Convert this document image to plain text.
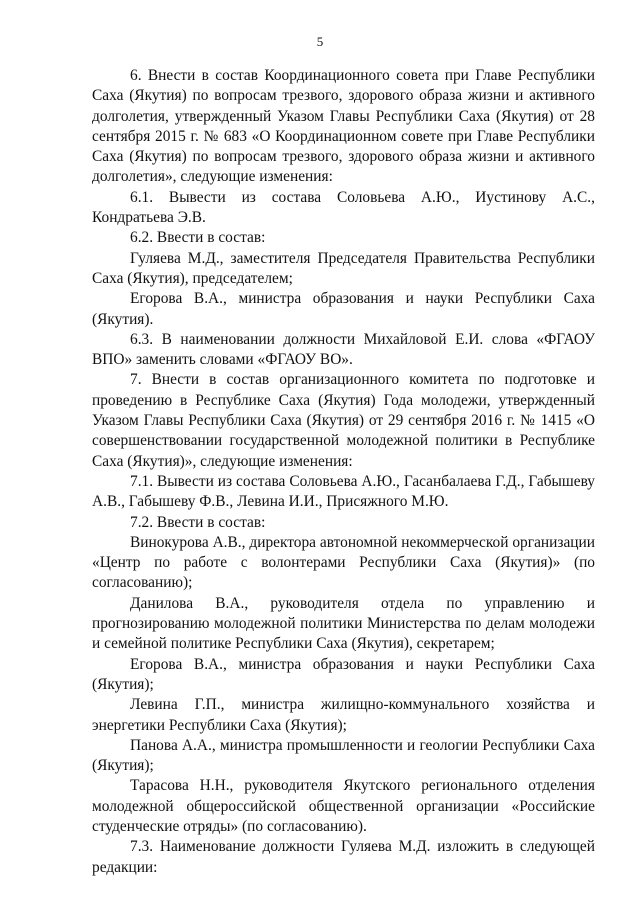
5

6. Внести в состав Координационного совета при Главе Республики Саха (Якутия) по вопросам трезвого, здорового образа жизни и активного долголетия, утвержденный Указом Главы Республики Саха (Якутия) от 28 сентября 2015 г. № 683 «О Координационном совете при Главе Республики Саха (Якутия) по вопросам трезвого, здорового образа жизни и активного долголетия», следующие изменения:

6.1. Вывести из состава Соловьева А.Ю., Иустинову А.С., Кондратьева Э.В.

6.2. Ввести в состав:

Гуляева М.Д., заместителя Председателя Правительства Республики Саха (Якутия), председателем;

Егорова В.А., министра образования и науки Республики Саха (Якутия).

6.3. В наименовании должности Михайловой Е.И. слова «ФГАОУ ВПО» заменить словами «ФГАОУ ВО».

7. Внести в состав организационного комитета по подготовке и проведению в Республике Саха (Якутия) Года молодежи, утвержденный Указом Главы Республики Саха (Якутия) от 29 сентября 2016 г. № 1415 «О совершенствовании государственной молодежной политики в Республике Саха (Якутия)», следующие изменения:

7.1. Вывести из состава Соловьева А.Ю., Гасанбалаева Г.Д., Габышеву А.В., Габышеву Ф.В., Левина И.И., Присяжного М.Ю.

7.2. Ввести в состав:

Винокурова А.В., директора автономной некоммерческой организации «Центр по работе с волонтерами Республики Саха (Якутия)» (по согласованию);

Данилова В.А., руководителя отдела по управлению и прогнозированию молодежной политики Министерства по делам молодежи и семейной политике Республики Саха (Якутия), секретарем;

Егорова В.А., министра образования и науки Республики Саха (Якутия);

Левина Г.П., министра жилищно-коммунального хозяйства и энергетики Республики Саха (Якутия);

Панова А.А., министра промышленности и геологии Республики Саха (Якутия);

Тарасова Н.Н., руководителя Якутского регионального отделения молодежной общероссийской общественной организации «Российские студенческие отряды» (по согласованию).

7.3. Наименование должности Гуляева М.Д. изложить в следующей редакции:
